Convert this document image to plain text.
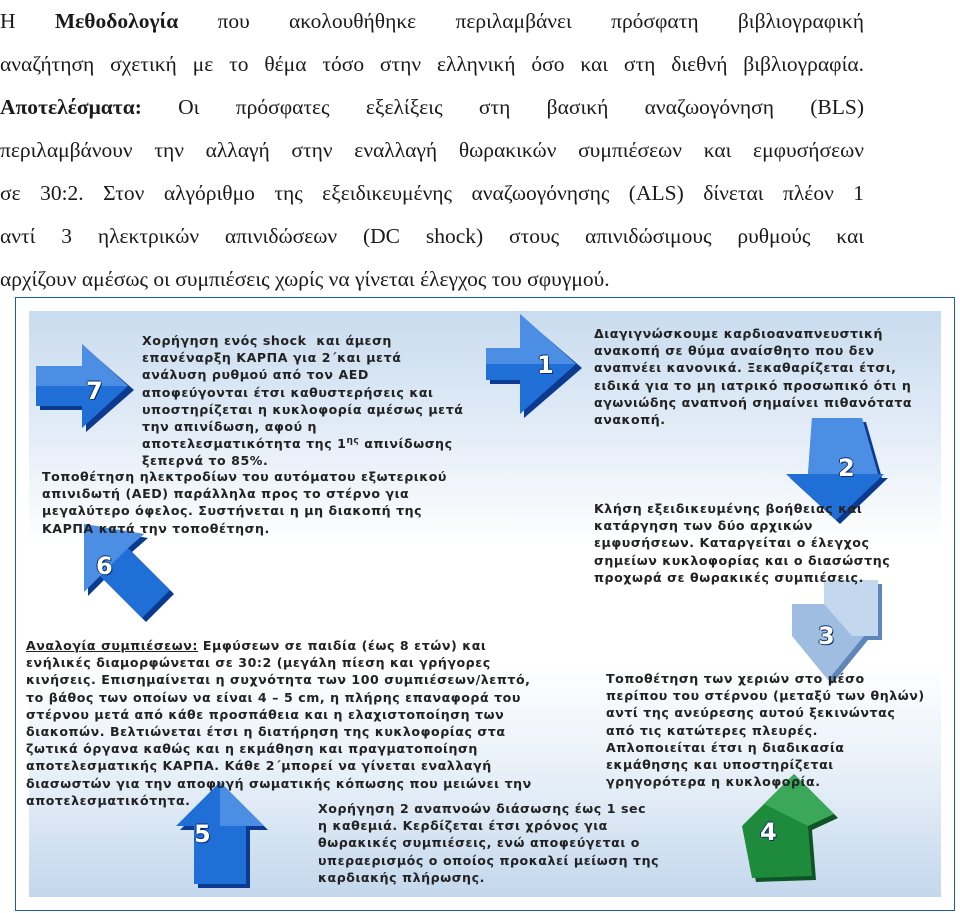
Η Μεθοδολογία που ακολουθήθηκε περιλαμβάνει πρόσφατη βιβλιογραφική

αναζήτηση σχετική με το θέμα τόσο στην ελληνική όσο και στη διεθνή βιβλιογραφία.

Αποτελέσματα: Οι πρόσφατες εξελίξεις στη βασική αναζωογόνηση (BLS)

περιλαμβάνουν την αλλαγή στην εναλλαγή θωρακικών συμπιέσεων και εμφυσήσεων

σε 30:2. Στον αλγόριθμο της εξειδικευμένης αναζωογόνησης (ALS) δίνεται πλέον 1

αντί 3 ηλεκτρικών απινιδώσεων (DC shock) στους απινιδώσιμους ρυθμούς και

αρχίζουν αμέσως οι συμπιέσεις χωρίς να γίνεται έλεγχος του σφυγμού.

7
6
1
2
3
4
5
Χορήγηση ενός shock  και άμεση
επανέναρξη ΚΑΡΠΑ για 2΄και μετά
ανάλυση ρυθμού από τον AED
αποφεύγονται έτσι καθυστερήσεις και
υποστηρίζεται η κυκλοφορία αμέσως μετά
την απινίδωση, αφού η
αποτελεσματικότητα της $1^{\eta\varsigma}$ απινίδωσης
ξεπερνά το 85%.
Τοποθέτηση ηλεκτροδίων του αυτόματου εξωτερικού
απινιδωτή (AED) παράλληλα προς το στέρνο για
μεγαλύτερο όφελος. Συστήνεται η μη διακοπή της
ΚΑΡΠΑ κατά την τοποθέτηση.
Διαγιγνώσκουμε καρδιοαναπνευστική
ανακοπή σε θύμα αναίσθητο που δεν
αναπνέει κανονικά. Ξεκαθαρίζεται έτσι,
ειδικά για το μη ιατρικό προσωπικό ότι η
αγωνιώδης αναπνοή σημαίνει πιθανότατα
ανακοπή.
Κλήση εξειδικευμένης βοήθειας και
κατάργηση των δύο αρχικών
εμφυσήσεων. Καταργείται ο έλεγχος
σημείων κυκλοφορίας και ο διασώστης
προχωρά σε θωρακικές συμπιέσεις.
Τοποθέτηση των χεριών στο μέσο
περίπου του στέρνου (μεταξύ των θηλών)
αντί της ανεύρεσης αυτού ξεκινώντας
από τις κατώτερες πλευρές.
Απλοποιείται έτσι η διαδικασία
εκμάθησης και υποστηρίζεται
γρηγορότερα η κυκλοφορία.
Αναλογία συμπιέσεων: Εμφύσεων σε παιδία (έως 8 ετών) και
ενήλικές διαμορφώνεται σε 30:2 (μεγάλη πίεση και γρήγορες
κινήσεις. Επισημαίνεται η συχνότητα των 100 συμπιέσεων/λεπτό,
το βάθος των οποίων να είναι 4 – 5 cm, η πλήρης επαναφορά του
στέρνου μετά από κάθε προσπάθεια και η ελαχιστοποίηση των
διακοπών. Βελτιώνεται έτσι η διατήρηση της κυκλοφορίας στα
ζωτικά όργανα καθώς και η εκμάθηση και πραγματοποίηση
αποτελεσματικής ΚΑΡΠΑ. Κάθε 2΄μπορεί να γίνεται εναλλαγή
διασωστών για την αποφυγή σωματικής κόπωσης που μειώνει την
αποτελεσματικότητα.
Χορήγηση 2 αναπνοών διάσωσης έως 1 sec
η καθεμιά. Κερδίζεται έτσι χρόνος για
θωρακικές συμπιέσεις, ενώ αποφεύγεται ο
υπεραερισμός ο οποίος προκαλεί μείωση της
καρδιακής πλήρωσης.
